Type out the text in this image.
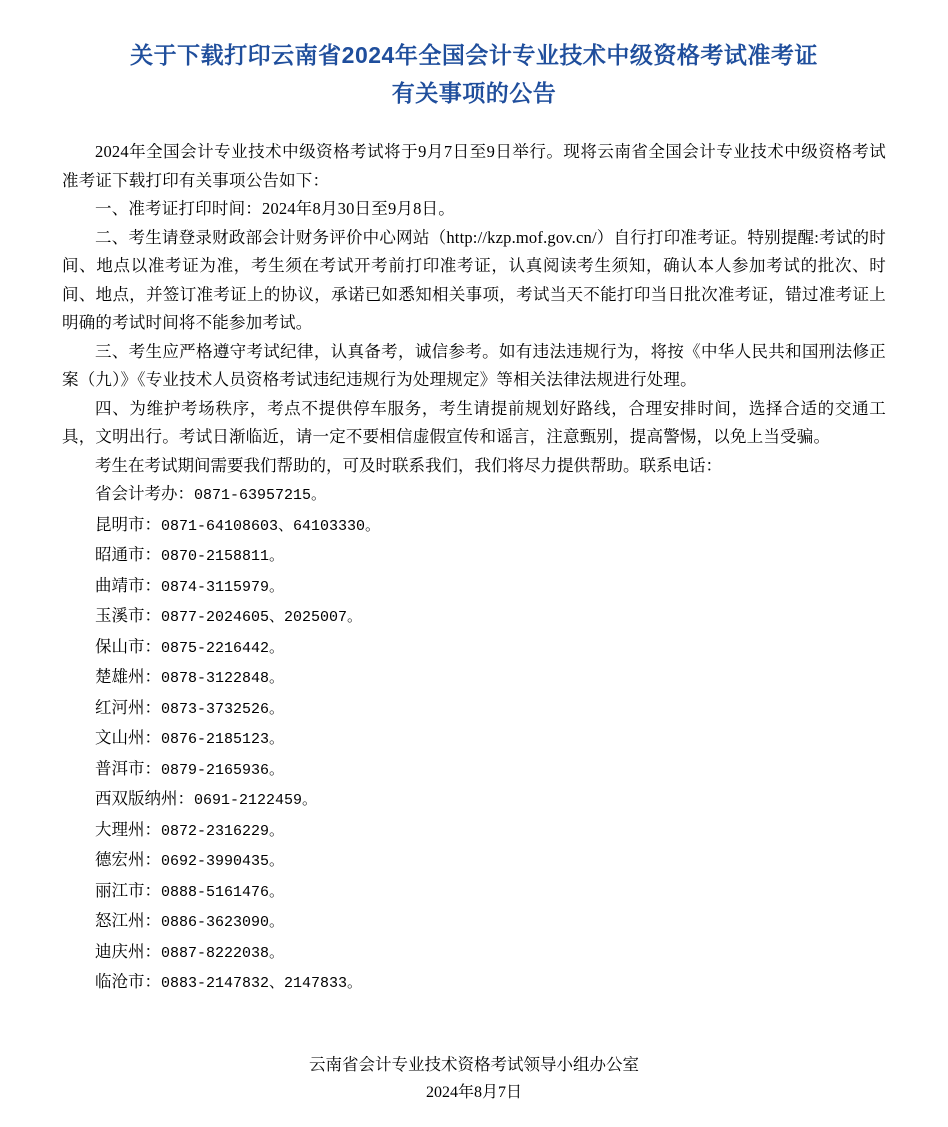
关于下载打印云南省2024年全国会计专业技术中级资格考试准考证
有关事项的公告

2024年全国会计专业技术中级资格考试将于9月7日至9日举行。现将云南省全国会计专业技术中级资格考试准考证下载打印有关事项公告如下：

一、准考证打印时间：2024年8月30日至9月8日。

二、考生请登录财政部会计财务评价中心网站（http://kzp.mof.gov.cn/）自行打印准考证。特别提醒:考试的时间、地点以准考证为准，考生须在考试开考前打印准考证，认真阅读考生须知，确认本人参加考试的批次、时间、地点，并签订准考证上的协议，承诺已如悉知相关事项，考试当天不能打印当日批次准考证，错过准考证上明确的考试时间将不能参加考试。

三、考生应严格遵守考试纪律，认真备考，诚信参考。如有违法违规行为，将按《中华人民共和国刑法修正案（九）》《专业技术人员资格考试违纪违规行为处理规定》等相关法律法规进行处理。

四、为维护考场秩序，考点不提供停车服务，考生请提前规划好路线，合理安排时间，选择合适的交通工具，文明出行。考试日渐临近，请一定不要相信虚假宣传和谣言，注意甄别，提高警惕，以免上当受骗。

考生在考试期间需要我们帮助的，可及时联系我们，我们将尽力提供帮助。联系电话：

省会计考办：0871-63957215。
昆明市：0871-64108603、64103330。
昭通市：0870-2158811。
曲靖市：0874-3115979。
玉溪市：0877-2024605、2025007。
保山市：0875-2216442。
楚雄州：0878-3122848。
红河州：0873-3732526。
文山州：0876-2185123。
普洱市：0879-2165936。
西双版纳州：0691-2122459。
大理州：0872-2316229。
德宏州：0692-3990435。
丽江市：0888-5161476。
怒江州：0886-3623090。
迪庆州：0887-8222038。
临沧市：0883-2147832、2147833。
云南省会计专业技术资格考试领导小组办公室
2024年8月7日
